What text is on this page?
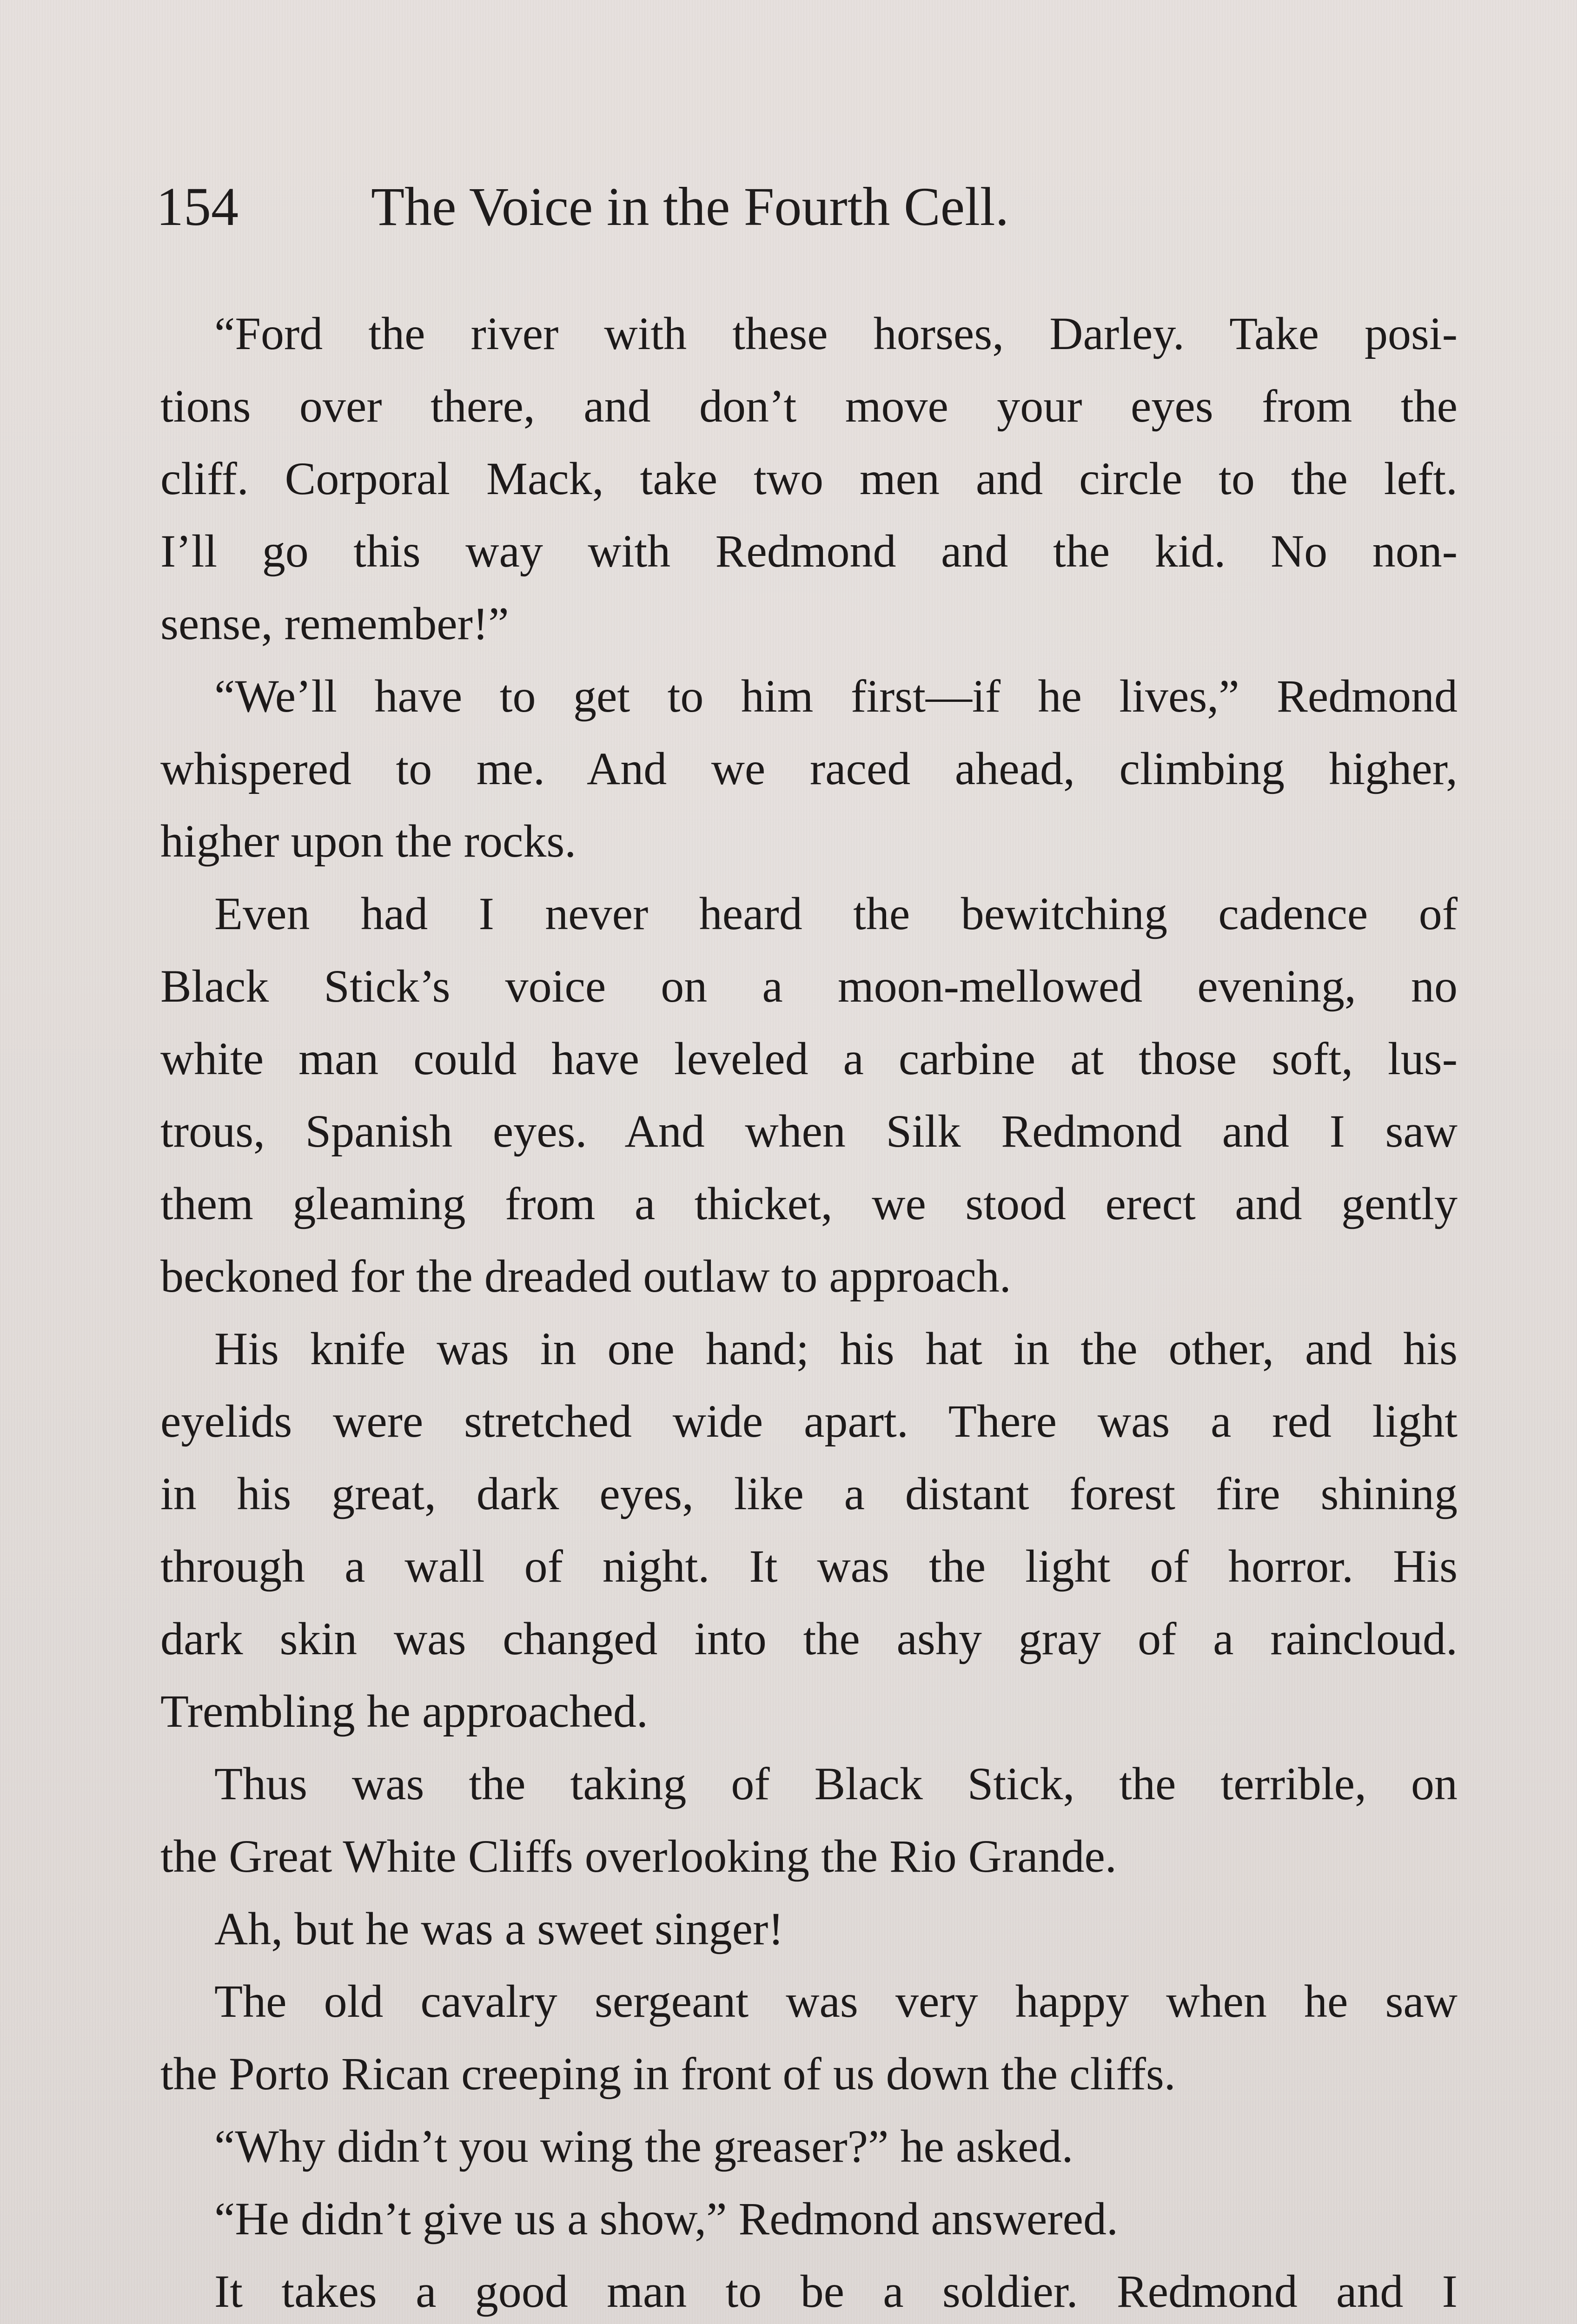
154 The Voice in the Fourth Cell.
“Ford the river with these horses, Darley. Take posi-
tions over there, and don’t move your eyes from the
cliff. Corporal Mack, take two men and circle to the left.
I’ll go this way with Redmond and the kid. No non-
sense, remember!”
“We’ll have to get to him first—if he lives,” Redmond
whispered to me. And we raced ahead, climbing higher,
higher upon the rocks.
Even had I never heard the bewitching cadence of
Black Stick’s voice on a moon-mellowed evening, no
white man could have leveled a carbine at those soft, lus-
trous, Spanish eyes. And when Silk Redmond and I saw
them gleaming from a thicket, we stood erect and gently
beckoned for the dreaded outlaw to approach.
His knife was in one hand; his hat in the other, and his
eyelids were stretched wide apart. There was a red light
in his great, dark eyes, like a distant forest fire shining
through a wall of night. It was the light of horror. His
dark skin was changed into the ashy gray of a raincloud.
Trembling he approached.
Thus was the taking of Black Stick, the terrible, on
the Great White Cliffs overlooking the Rio Grande.
Ah, but he was a sweet singer!
The old cavalry sergeant was very happy when he saw
the Porto Rican creeping in front of us down the cliffs.
“Why didn’t you wing the greaser?” he asked.
“He didn’t give us a show,” Redmond answered.
It takes a good man to be a soldier. Redmond and I
